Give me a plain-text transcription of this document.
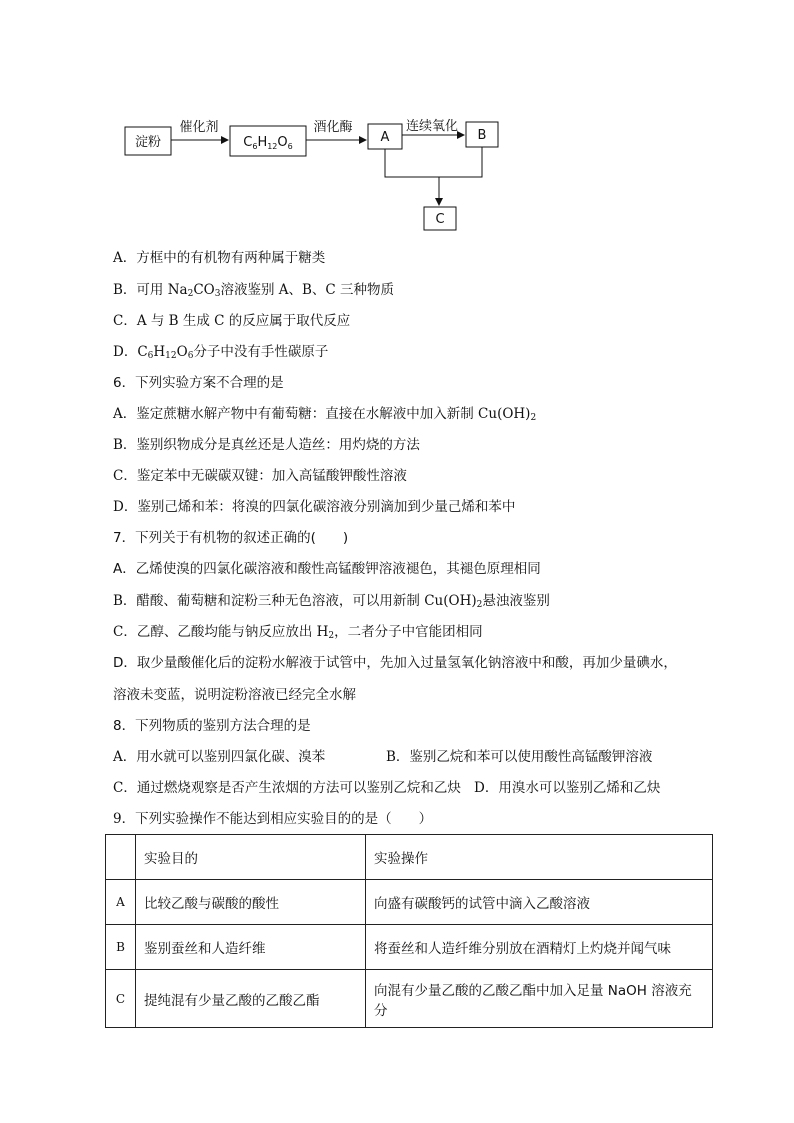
淀粉
催化剂
$C_6H_{12}O_6$
酒化酶
A
连续氧化
B
C
A．方框中的有机物有两种属于糖类
B．可用 $Na_2CO_3$溶液鉴别 A、B、C 三种物质
C．A 与 B 生成 C 的反应属于取代反应
D．$C_6H_{12}O_6$分子中没有手性碳原子
6．下列实验方案不合理的是
A．鉴定蔗糖水解产物中有葡萄糖：直接在水解液中加入新制 $Cu(OH)_2$
B．鉴别织物成分是真丝还是人造丝：用灼烧的方法
C．鉴定苯中无碳碳双键：加入高锰酸钾酸性溶液
D．鉴别己烯和苯：将溴的四氯化碳溶液分别滴加到少量己烯和苯中
7．下列关于有机物的叙述正确的(　　)
A．乙烯使溴的四氯化碳溶液和酸性高锰酸钾溶液褪色，其褪色原理相同
B．醋酸、葡萄糖和淀粉三种无色溶液，可以用新制 $Cu(OH)_2$悬浊液鉴别
C．乙醇、乙酸均能与钠反应放出 $H_2$，二者分子中官能团相同
D．取少量酸催化后的淀粉水解液于试管中，先加入过量氢氧化钠溶液中和酸，再加少量碘水，
溶液未变蓝，说明淀粉溶液已经完全水解
8．下列物质的鉴别方法合理的是
A．用水就可以鉴别四氯化碳、溴苯	B．鉴别乙烷和苯可以使用酸性高锰酸钾溶液
C．通过燃烧观察是否产生浓烟的方法可以鉴别乙烷和乙炔 D．用溴水可以鉴别乙烯和乙炔
9．下列实验操作不能达到相应实验目的的是（　　）
	实验目的	实验操作
A	比较乙酸与碳酸的酸性	向盛有碳酸钙的试管中滴入乙酸溶液
B	鉴别蚕丝和人造纤维	将蚕丝和人造纤维分别放在酒精灯上灼烧并闻气味
C	提纯混有少量乙酸的乙酸乙酯	向混有少量乙酸的乙酸乙酯中加入足量 NaOH 溶液充分
